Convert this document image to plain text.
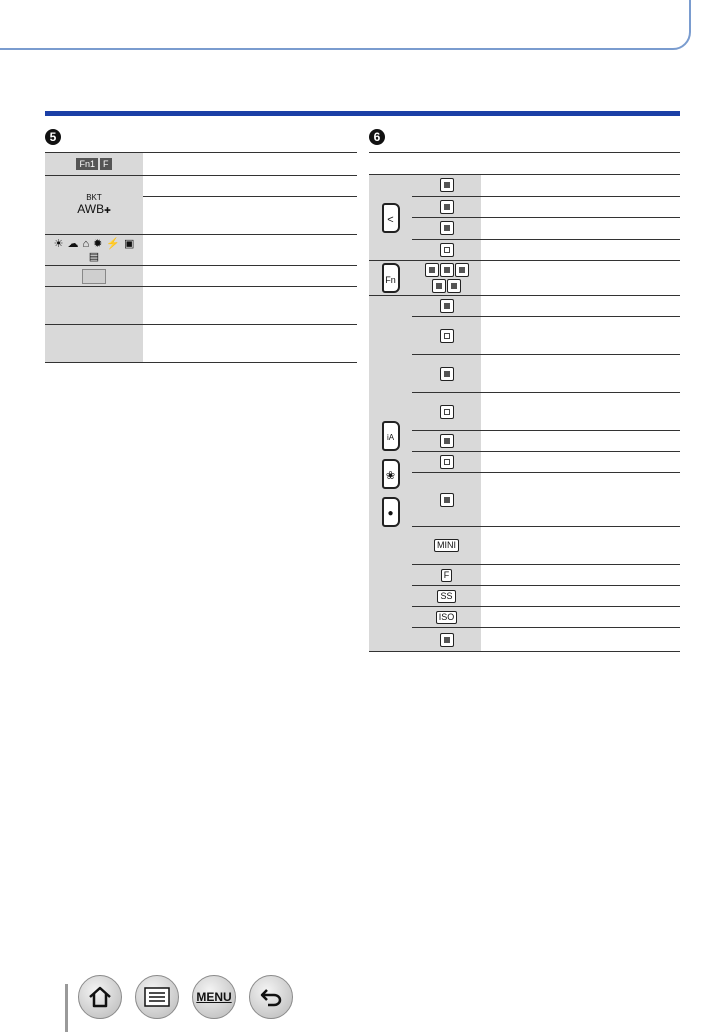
5
Fn1 F
BKT
AWB✚
☀ ☁ ⌂ ✹ ⚡ ▣
▤
6
<
Fn
iA
❀
●
MINI
F
SS
ISO
MENU
